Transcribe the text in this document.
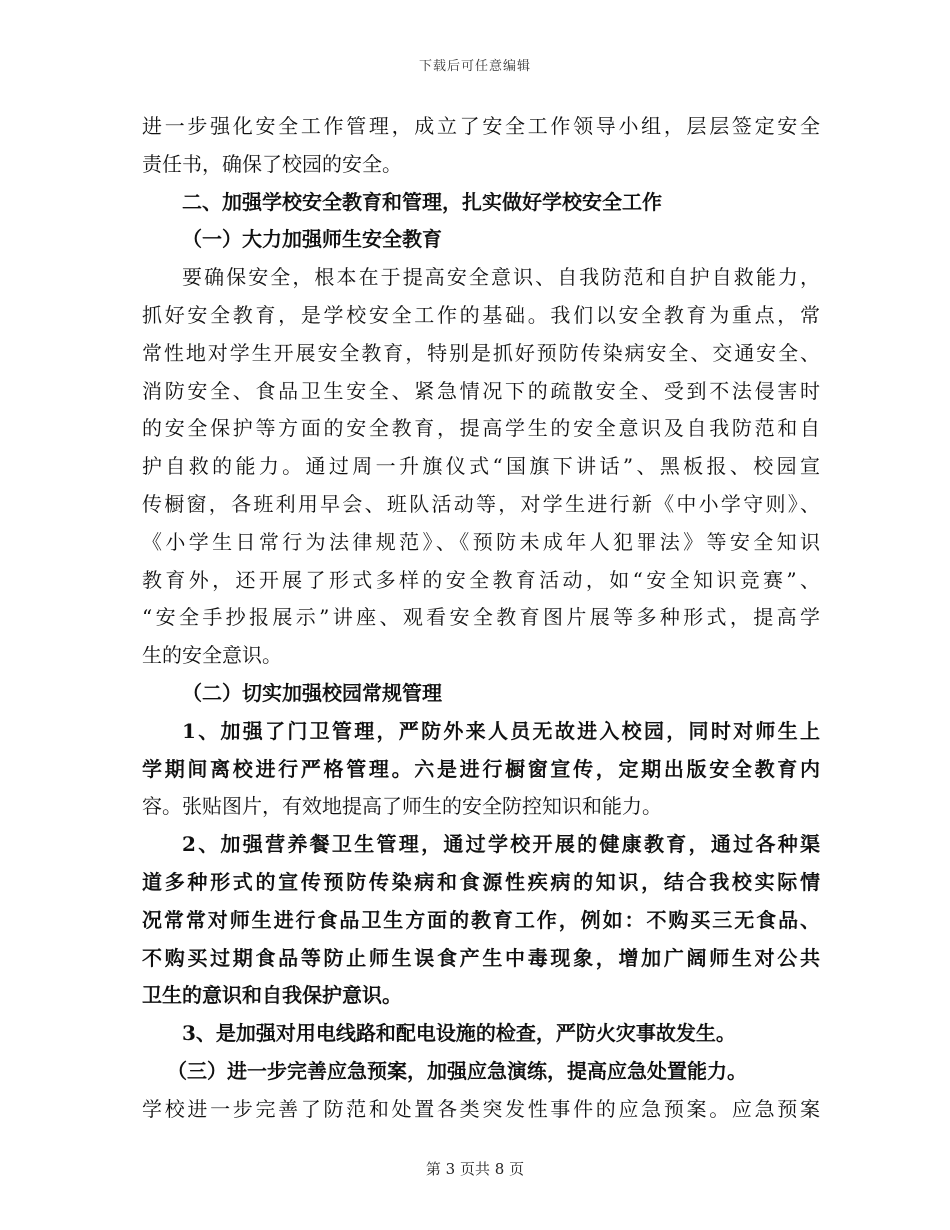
下载后可任意编辑
进一步强化安全工作管理，成立了安全工作领导小组，层层签定安全
责任书，确保了校园的安全。
二、加强学校安全教育和管理，扎实做好学校安全工作
（一）大力加强师生安全教育
要确保安全，根本在于提高安全意识、自我防范和自护自救能力，
抓好安全教育，是学校安全工作的基础。我们以安全教育为重点，常
常性地对学生开展安全教育，特别是抓好预防传染病安全、交通安全、
消防安全、食品卫生安全、紧急情况下的疏散安全、受到不法侵害时
的安全保护等方面的安全教育，提高学生的安全意识及自我防范和自
护自救的能力。通过周一升旗仪式“国旗下讲话”、黑板报、校园宣
传橱窗，各班利用早会、班队活动等，对学生进行新《中小学守则》、
《小学生日常行为法律规范》、《预防未成年人犯罪法》等安全知识
教育外，还开展了形式多样的安全教育活动，如“安全知识竞赛”、
“安全手抄报展示”讲座、观看安全教育图片展等多种形式，提高学
生的安全意识。
（二）切实加强校园常规管理
1、加强了门卫管理，严防外来人员无故进入校园，同时对师生上
学期间离校进行严格管理。六是进行橱窗宣传，定期出版安全教育内
容。张贴图片，有效地提高了师生的安全防控知识和能力。
2、加强营养餐卫生管理，通过学校开展的健康教育，通过各种渠
道多种形式的宣传预防传染病和食源性疾病的知识，结合我校实际情
况常常对师生进行食品卫生方面的教育工作，例如：不购买三无食品、
不购买过期食品等防止师生误食产生中毒现象，增加广阔师生对公共
卫生的意识和自我保护意识。
3、是加强对用电线路和配电设施的检查，严防火灾事故发生。
（三）进一步完善应急预案，加强应急演练，提高应急处置能力。
学校进一步完善了防范和处置各类突发性事件的应急预案。应急预案
第 3 页共 8 页
